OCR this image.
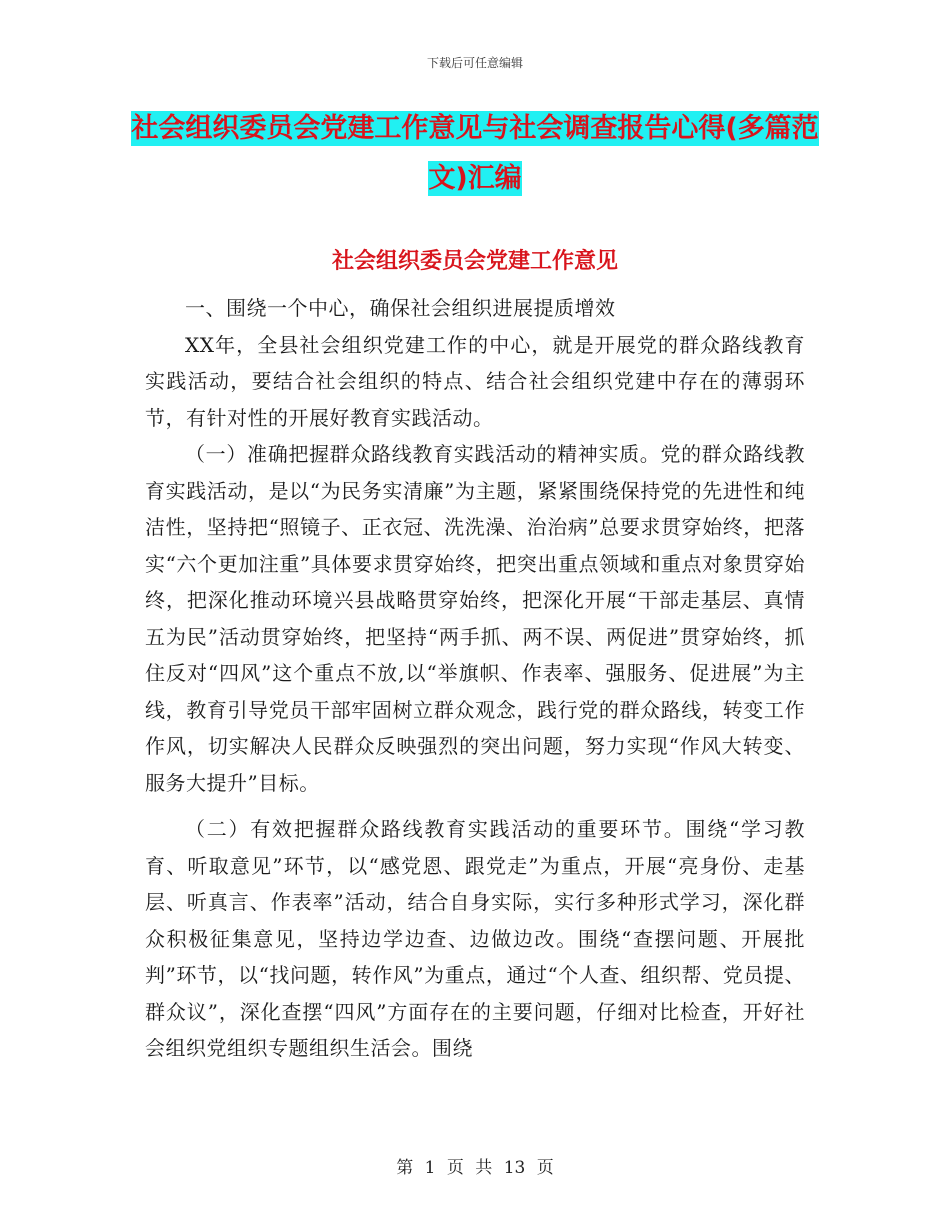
下载后可任意编辑
社会组织委员会党建工作意见与社会调查报告心得(多篇范文)汇编
社会组织委员会党建工作意见

一、围绕一个中心，确保社会组织进展提质增效

XX年，全县社会组织党建工作的中心，就是开展党的群众路线教育实践活动，要结合社会组织的特点、结合社会组织党建中存在的薄弱环节，有针对性的开展好教育实践活动。

（一）准确把握群众路线教育实践活动的精神实质。党的群众路线教育实践活动，是以“为民务实清廉”为主题，紧紧围绕保持党的先进性和纯洁性，坚持把“照镜子、正衣冠、洗洗澡、治治病”总要求贯穿始终，把落实“六个更加注重”具体要求贯穿始终，把突出重点领域和重点对象贯穿始终，把深化推动环境兴县战略贯穿始终，把深化开展“干部走基层、真情五为民”活动贯穿始终，把坚持“两手抓、两不误、两促进”贯穿始终，抓住反对“四风”这个重点不放,以“举旗帜、作表率、强服务、促进展”为主线，教育引导党员干部牢固树立群众观念，践行党的群众路线，转变工作作风，切实解决人民群众反映强烈的突出问题，努力实现“作风大转变、服务大提升”目标。

（二）有效把握群众路线教育实践活动的重要环节。围绕“学习教育、听取意见”环节，以“感党恩、跟党走”为重点，开展“亮身份、走基层、听真言、作表率”活动，结合自身实际，实行多种形式学习，深化群众积极征集意见，坚持边学边查、边做边改。围绕“查摆问题、开展批判”环节，以“找问题，转作风”为重点，通过“个人查、组织帮、党员提、群众议”，深化查摆“四风”方面存在的主要问题，仔细对比检查，开好社会组织党组织专题组织生活会。围绕

第 1 页 共 13 页
